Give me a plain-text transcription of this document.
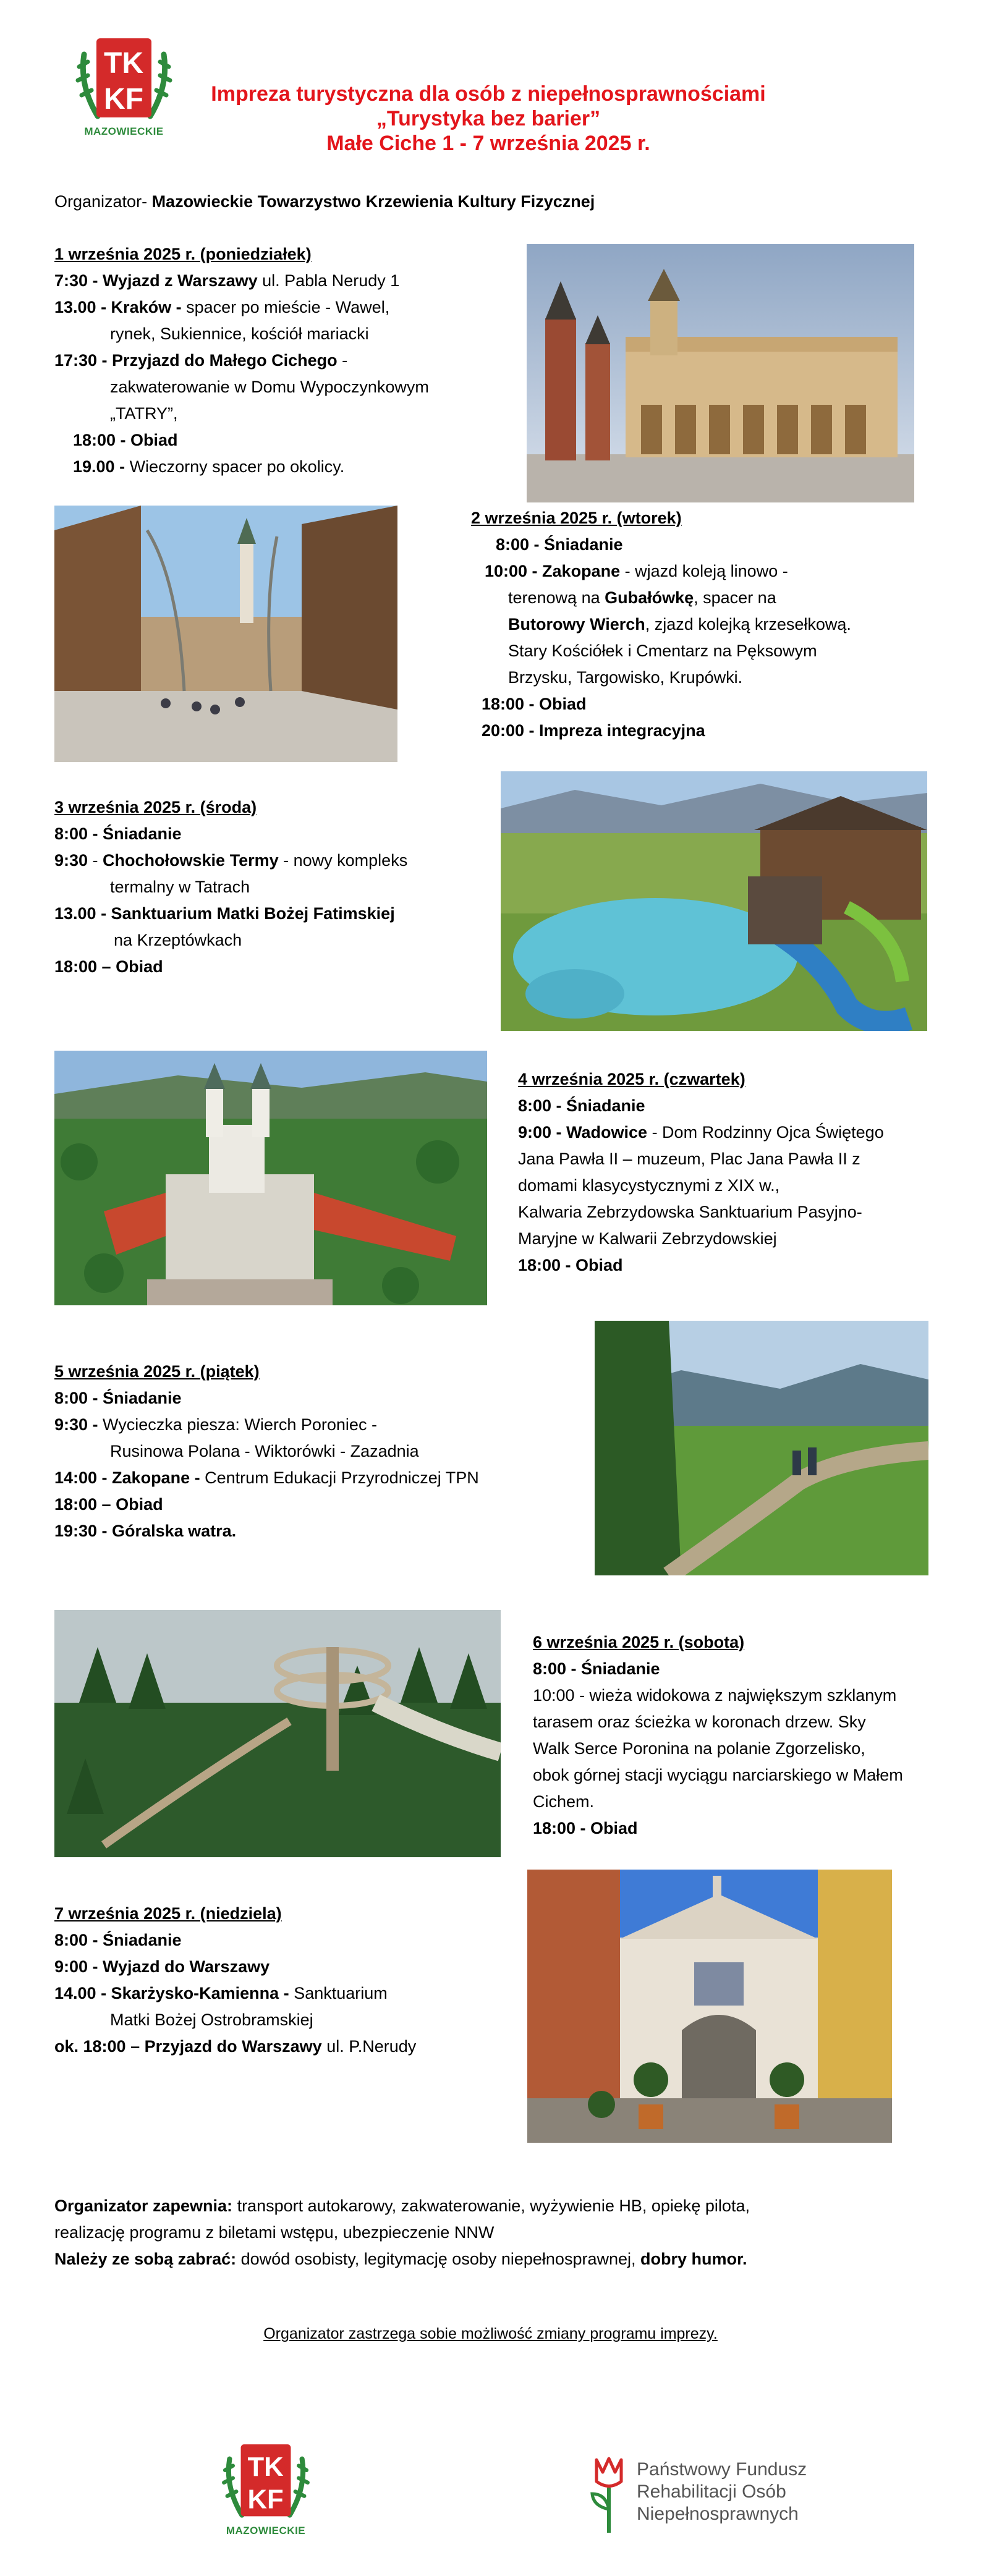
TK
KF
MAZOWIECKIE
Impreza turystyczna dla osób z niepełnosprawnościami
„Turystyka bez barier”
Małe Ciche 1 - 7 września 2025 r.
Organizator- Mazowieckie Towarzystwo Krzewienia Kultury Fizycznej
1 września 2025 r. (poniedziałek)
7:30 - Wyjazd z Warszawy ul. Pabla Nerudy 1
13.00 - Kraków - spacer po mieście - Wawel,
rynek, Sukiennice, kościół mariacki
17:30 - Przyjazd do Małego Cichego -
zakwaterowanie w Domu Wypoczynkowym
„TATRY”,
18:00 - Obiad
19.00 - Wieczorny spacer po okolicy.
2 września 2025 r. (wtorek)
8:00 - Śniadanie
10:00 - Zakopane - wjazd koleją linowo -
terenową na Gubałówkę, spacer na
Butorowy Wierch, zjazd kolejką krzesełkową.
Stary Kościółek i Cmentarz na Pęksowym
Brzysku, Targowisko, Krupówki.
18:00 - Obiad
20:00 - Impreza integracyjna
3 września 2025 r. (środa)
8:00 - Śniadanie
9:30 - Chochołowskie Termy - nowy kompleks
termalny w Tatrach
13.00 - Sanktuarium Matki Bożej Fatimskiej
na Krzeptówkach
18:00 – Obiad
4 września 2025 r. (czwartek)
8:00 - Śniadanie
9:00 - Wadowice - Dom Rodzinny Ojca Świętego
Jana Pawła II – muzeum, Plac Jana Pawła II z
domami klasycystycznymi z XIX w.,
Kalwaria Zebrzydowska Sanktuarium Pasyjno-
Maryjne w Kalwarii Zebrzydowskiej
18:00 - Obiad
5 września 2025 r. (piątek)
8:00 - Śniadanie
9:30 - Wycieczka piesza: Wierch Poroniec -
Rusinowa Polana - Wiktorówki - Zazadnia
14:00 - Zakopane - Centrum Edukacji Przyrodniczej TPN
18:00 – Obiad
19:30 - Góralska watra.
6 września 2025 r. (sobota)
8:00 - Śniadanie
10:00 - wieża widokowa z największym szklanym
tarasem oraz ścieżka w koronach drzew. Sky
Walk Serce Poronina na polanie Zgorzelisko,
obok górnej stacji wyciągu narciarskiego w Małem
Cichem.
18:00 - Obiad
7 września 2025 r. (niedziela)
8:00 - Śniadanie
9:00 - Wyjazd do Warszawy
14.00 - Skarżysko-Kamienna - Sanktuarium
Matki Bożej Ostrobramskiej
ok. 18:00 – Przyjazd do Warszawy ul. P.Nerudy
Organizator zapewnia: transport autokarowy, zakwaterowanie, wyżywienie HB, opiekę pilota,
realizację programu z biletami wstępu, ubezpieczenie NNW
Należy ze sobą zabrać: dowód osobisty, legitymację osoby niepełnosprawnej, dobry humor.
Organizator zastrzega sobie możliwość zmiany programu imprezy.
TK
KF
MAZOWIECKIE
Państwowy Fundusz
Rehabilitacji Osób
Niepełnosprawnych
